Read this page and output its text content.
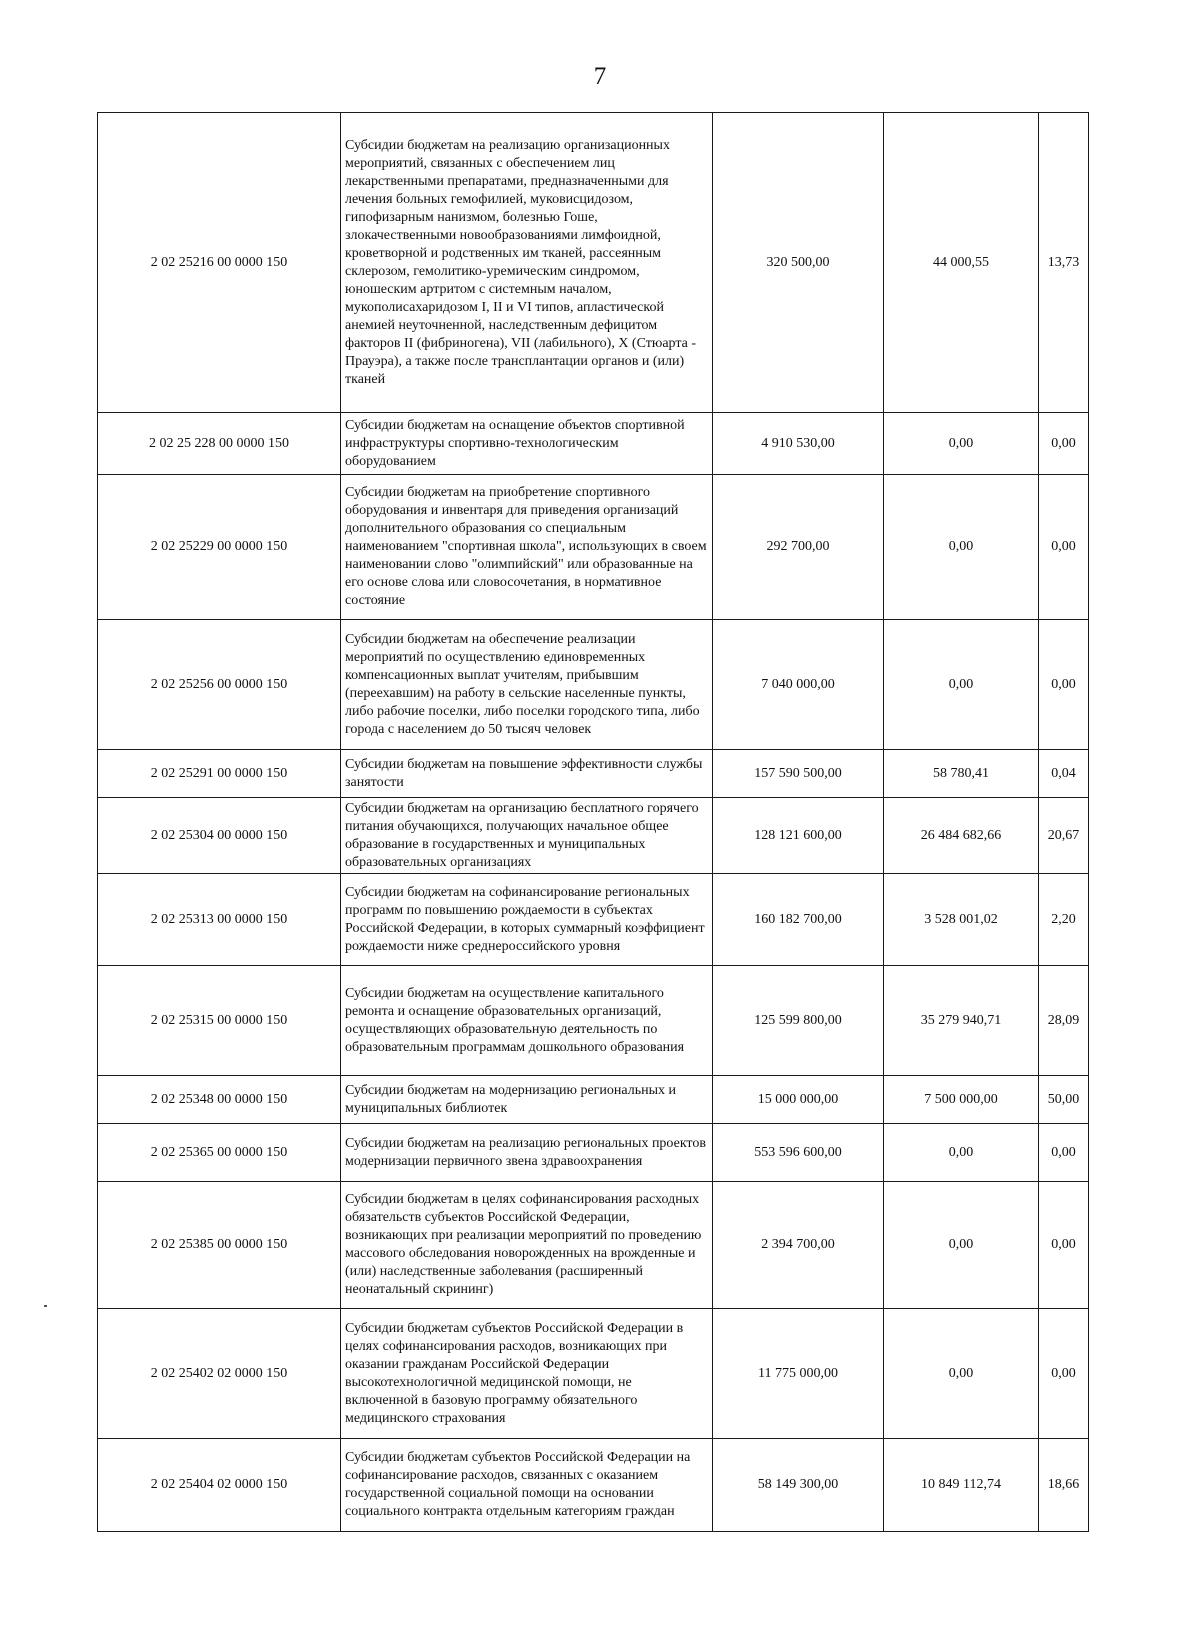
7
2 02 25216 00 0000 150	Субсидии бюджетам на реализацию организационных мероприятий, связанных с обеспечением лиц лекарственными препаратами, предназначенными для лечения больных гемофилией, муковисцидозом, гипофизарным нанизмом, болезнью Гоше, злокачественными новообразованиями лимфоидной, кроветворной и родственных им тканей, рассеянным склерозом, гемолитико-уремическим синдромом, юношеским артритом с системным началом, мукополисахаридозом I, II и VI типов, апластической анемией неуточненной, наследственным дефицитом факторов II (фибриногена), VII (лабильного), X (Стюарта - Прауэра), а также после трансплантации органов и (или) тканей	320 500,00	44 000,55	13,73
2 02 25 228 00 0000 150	Субсидии бюджетам на оснащение объектов спортивной инфраструктуры спортивно-технологическим оборудованием	4 910 530,00	0,00	0,00
2 02 25229 00 0000 150	Субсидии бюджетам на приобретение спортивного оборудования и инвентаря для приведения организаций дополнительного образования со специальным наименованием "спортивная школа", использующих в своем наименовании слово "олимпийский" или образованные на его основе слова или словосочетания, в нормативное состояние	292 700,00	0,00	0,00
2 02 25256 00 0000 150	Субсидии бюджетам на обеспечение реализации мероприятий по осуществлению единовременных компенсационных выплат учителям, прибывшим (переехавшим) на работу в сельские населенные пункты, либо рабочие поселки, либо поселки городского типа, либо города с населением до 50 тысяч человек	7 040 000,00	0,00	0,00
2 02 25291 00 0000 150	Субсидии бюджетам на повышение эффективности службы занятости	157 590 500,00	58 780,41	0,04
2 02 25304 00 0000 150	Субсидии бюджетам на организацию бесплатного горячего питания обучающихся, получающих начальное общее образование в государственных и муниципальных образовательных организациях	128 121 600,00	26 484 682,66	20,67
2 02 25313 00 0000 150	Субсидии бюджетам на софинансирование региональных программ по повышению рождаемости в субъектах Российской Федерации, в которых суммарный коэффициент рождаемости ниже среднероссийского уровня	160 182 700,00	3 528 001,02	2,20
2 02 25315 00 0000 150	Субсидии бюджетам на осуществление капитального ремонта и оснащение образовательных организаций, осуществляющих образовательную деятельность по образовательным программам дошкольного образования	125 599 800,00	35 279 940,71	28,09
2 02 25348 00 0000 150	Субсидии бюджетам на модернизацию региональных и муниципальных библиотек	15 000 000,00	7 500 000,00	50,00
2 02 25365 00 0000 150	Субсидии бюджетам на реализацию региональных проектов модернизации первичного звена здравоохранения	553 596 600,00	0,00	0,00
2 02 25385 00 0000 150	Субсидии бюджетам в целях софинансирования расходных обязательств субъектов Российской Федерации, возникающих при реализации мероприятий по проведению массового обследования новорожденных на врожденные и (или) наследственные заболевания (расширенный неонатальный скрининг)	2 394 700,00	0,00	0,00
2 02 25402 02 0000 150	Субсидии бюджетам субъектов Российской Федерации в целях софинансирования расходов, возникающих при оказании гражданам Российской Федерации высокотехнологичной медицинской помощи, не включенной в базовую программу обязательного медицинского страхования	11 775 000,00	0,00	0,00
2 02 25404 02 0000 150	Субсидии бюджетам субъектов Российской Федерации на софинансирование расходов, связанных с оказанием государственной социальной помощи на основании социального контракта отдельным категориям граждан	58 149 300,00	10 849 112,74	18,66
